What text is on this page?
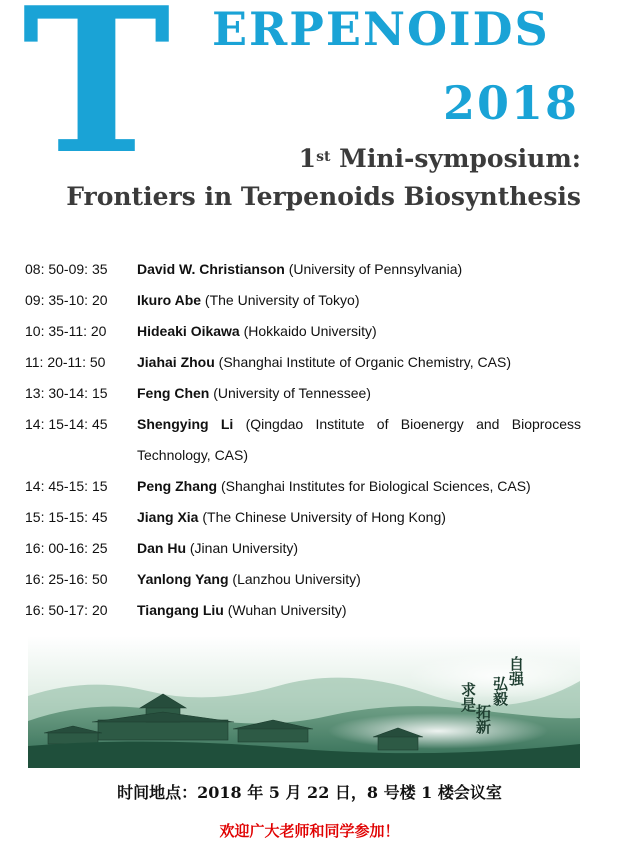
T ERPENOIDS
2018
1st Mini-symposium:
Frontiers in Terpenoids Biosynthesis
08: 50-09: 35	David W. Christianson (University of Pennsylvania)
09: 35-10: 20	Ikuro Abe (The University of Tokyo)
10: 35-11: 20	Hideaki Oikawa (Hokkaido University)
11: 20-11: 50	Jiahai Zhou (Shanghai Institute of Organic Chemistry, CAS)
13: 30-14: 15	Feng Chen (University of Tennessee)
14: 15-14: 45	Shengying Li (Qingdao Institute of Bioenergy and Bioprocess Technology, CAS)
14: 45-15: 15	Peng Zhang (Shanghai Institutes for Biological Sciences, CAS)
15: 15-15: 45	Jiang Xia (The Chinese University of Hong Kong)
16: 00-16: 25	Dan Hu (Jinan University)
16: 25-16: 50	Yanlong Yang (Lanzhou University)
16: 50-17: 20	Tiangang Liu (Wuhan University)
自强
弘毅
求是
拓新
时间地点：2018 年 5 月 22 日，8 号楼 1 楼会议室
欢迎广大老师和同学参加！
